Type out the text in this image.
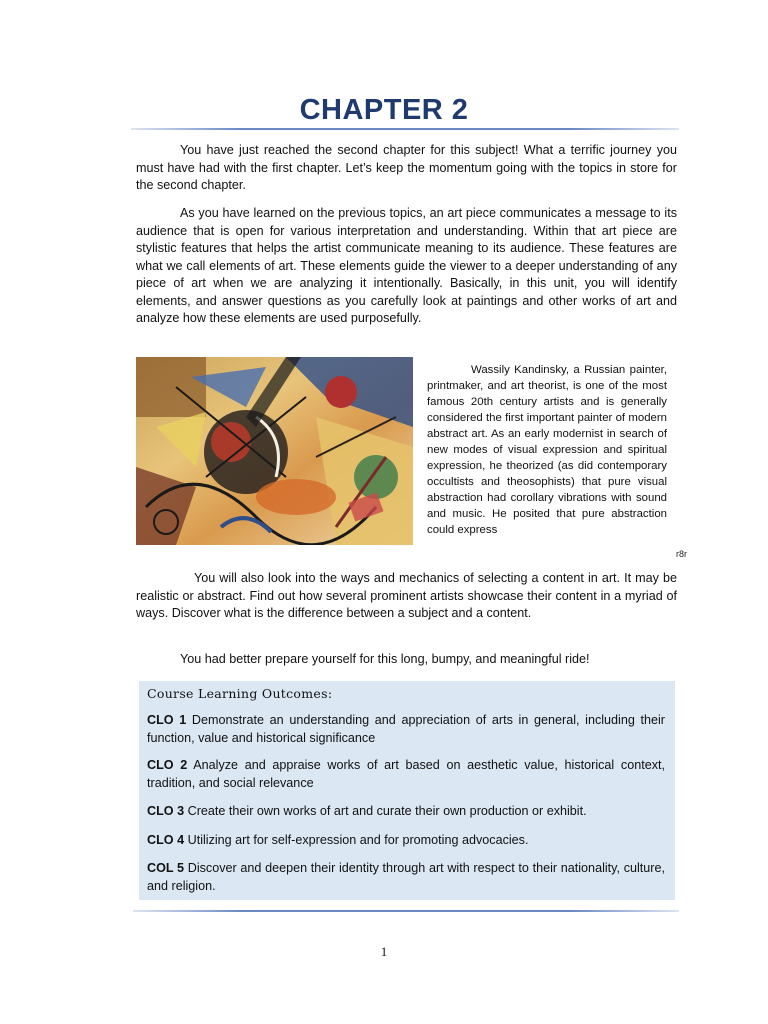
CHAPTER 2

You have just reached the second chapter for this subject! What a terrific journey you must have had with the first chapter. Let’s keep the momentum going with the topics in store for the second chapter.

As you have learned on the previous topics, an art piece communicates a message to its audience that is open for various interpretation and understanding. Within that art piece are stylistic features that helps the artist communicate meaning to its audience. These features are what we call elements of art. These elements guide the viewer to a deeper understanding of any piece of art when we are analyzing it intentionally. Basically, in this unit, you will identify elements, and answer questions as you carefully look at paintings and other works of art and analyze how these elements are used purposefully.

Wassily Kandinsky, a Russian painter, printmaker, and art theorist, is one of the most famous 20th century artists and is generally considered the first important painter of modern abstract art. As an early modernist in search of new modes of visual expression and spiritual expression, he theorized (as did contemporary occultists and theosophists) that pure visual abstraction had corollary vibrations with sound and music. He posited that pure abstraction could express

r8r

You will also look into the ways and mechanics of selecting a content in art. It may be realistic or abstract. Find out how several prominent artists showcase their content in a myriad of ways. Discover what is the difference between a subject and a content.

You had better prepare yourself for this long, bumpy, and meaningful ride!

Course Learning Outcomes:

CLO 1 Demonstrate an understanding and appreciation of arts in general, including their function, value and historical significance

CLO 2 Analyze and appraise works of art based on aesthetic value, historical context, tradition, and social relevance

CLO 3 Create their own works of art and curate their own production or exhibit.

CLO 4 Utilizing art for self-expression and for promoting advocacies.

COL 5 Discover and deepen their identity through art with respect to their nationality, culture, and religion.

1
